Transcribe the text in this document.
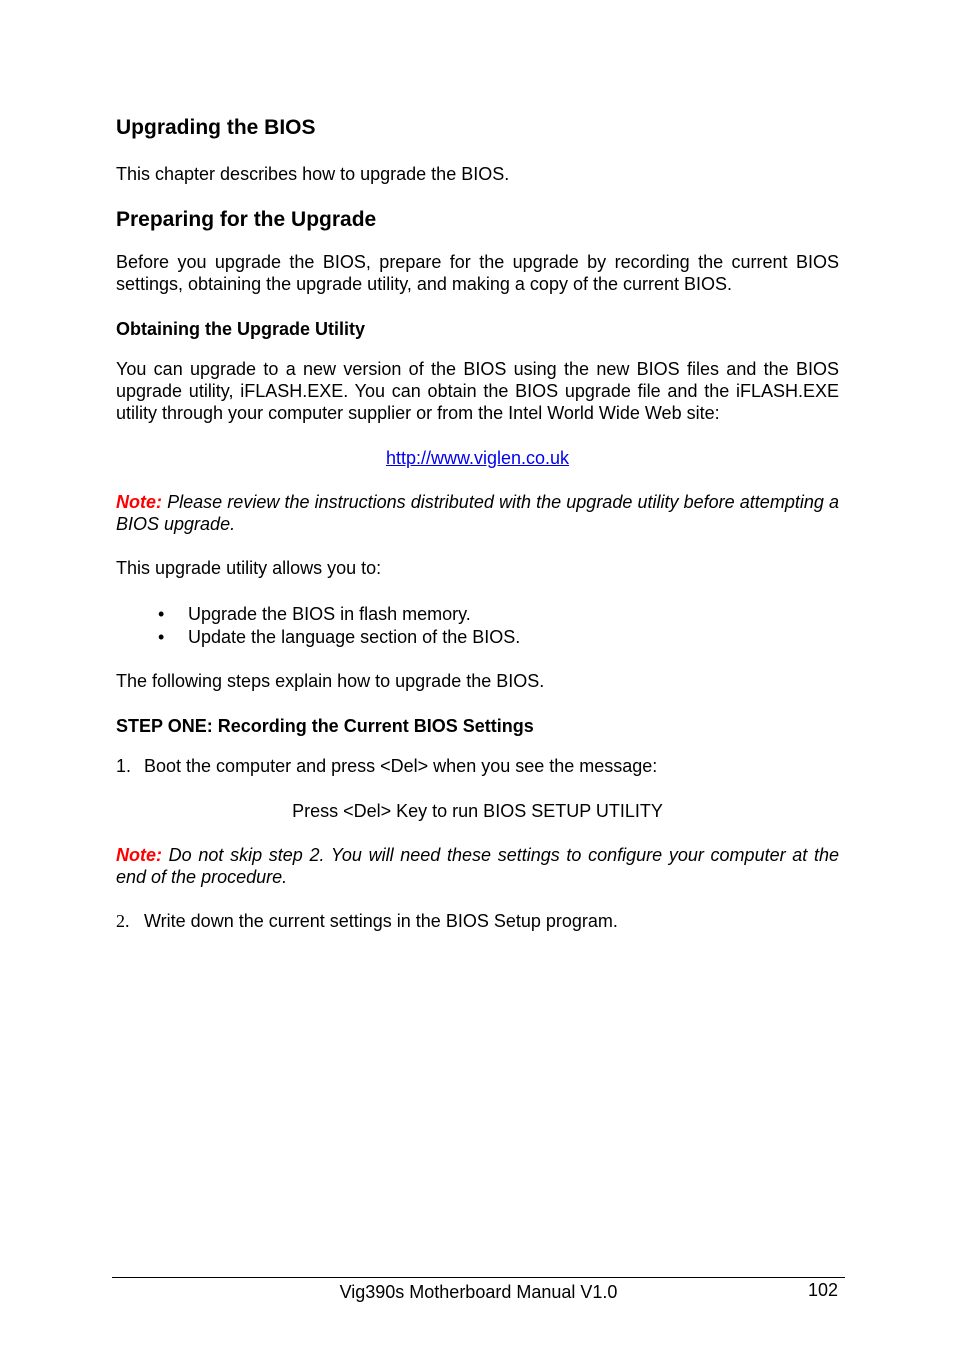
Upgrading the BIOS

This chapter describes how to upgrade the BIOS.

Preparing for the Upgrade

Before you upgrade the BIOS, prepare for the upgrade by recording the current BIOS settings, obtaining the upgrade utility, and making a copy of the current BIOS.

Obtaining the Upgrade Utility

You can upgrade to a new version of the BIOS using the new BIOS files and the BIOS upgrade utility, iFLASH.EXE. You can obtain the BIOS upgrade file and the iFLASH.EXE utility through your computer supplier or from the Intel World Wide Web site:

http://www.viglen.co.uk

Note: Please review the instructions distributed with the upgrade utility before attempting a BIOS upgrade.

This upgrade utility allows you to:

• Upgrade the BIOS in flash memory.
• Update the language section of the BIOS.

The following steps explain how to upgrade the BIOS.

STEP ONE: Recording the Current BIOS Settings
1. Boot the computer and press <Del> when you see the message:
Press <Del> Key to run BIOS SETUP UTILITY

Note: Do not skip step 2. You will need these settings to configure your computer at the end of the procedure.

2. Write down the current settings in the BIOS Setup program.
Vig390s Motherboard Manual V1.0	102
